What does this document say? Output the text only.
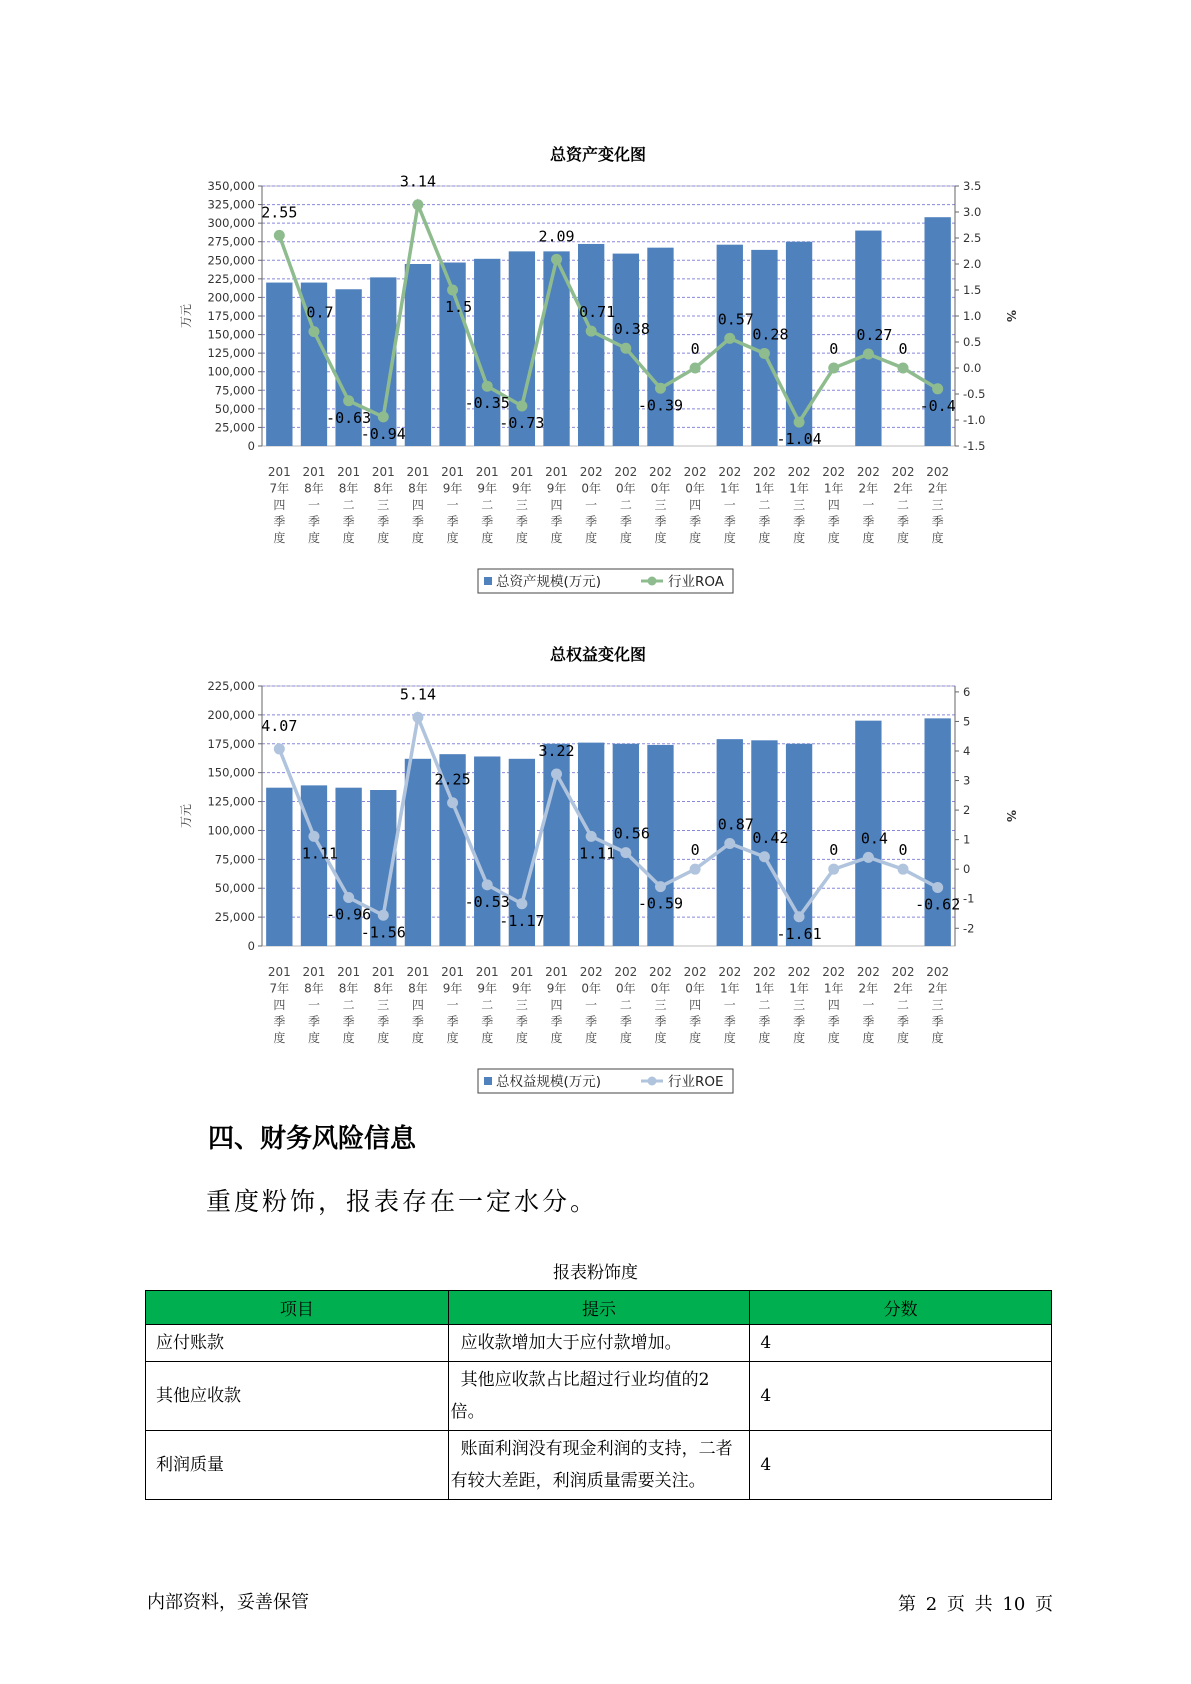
总资产变化图
0
25,000
50,000
75,000
100,000
125,000
150,000
175,000
200,000
225,000
250,000
275,000
300,000
325,000
350,000
-1.5
-1.0
-0.5
0.0
0.5
1.0
1.5
2.0
2.5
3.0
3.5
万元	%
201 7年四季度
201 8年一季度
201 8年二季度
201 8年三季度
201 8年四季度
201 9年一季度
201 9年二季度
201 9年三季度
201 9年四季度
202 0年一季度
202 0年二季度
202 0年三季度
202 0年四季度
202 1年一季度
202 1年二季度
202 1年三季度
202 1年四季度
202 2年一季度
202 2年二季度
202 2年三季度
2.55
0.7
-0.63
-0.94
3.14
1.5
-0.35
-0.73
2.09
0.71
0.38
-0.39
0
0.57
0.28
-1.04
0
0.27
0
-0.4
总资产规模(万元)	行业ROA
总权益变化图
0
25,000
50,000
75,000
100,000
125,000
150,000
175,000
200,000
225,000
-2
-1
0
1
2
3
4
5
6
万元	%
201 7年四季度
201 8年一季度
201 8年二季度
201 8年三季度
201 8年四季度
201 9年一季度
201 9年二季度
201 9年三季度
201 9年四季度
202 0年一季度
202 0年二季度
202 0年三季度
202 0年四季度
202 1年一季度
202 1年二季度
202 1年三季度
202 1年四季度
202 2年一季度
202 2年二季度
202 2年三季度
4.07
1.11
-0.96
-1.56
5.14
2.25
-0.53
-1.17
3.22
1.11
0.56
-0.59
0
0.87
0.42
-1.61
0
0.4
0
-0.62
总权益规模(万元)	行业ROE
四、财务风险信息

重度粉饰，报表存在一定水分。

报表粉饰度
项目	提示	分数
应付账款	应收款增加大于应付款增加。	4
其他应收款	其他应收款占比超过行业均值的2倍。	4
利润质量	账面利润没有现金利润的支持，二者有较大差距，利润质量需要关注。	4
内部资料，妥善保管	第 2 页 共 10 页
